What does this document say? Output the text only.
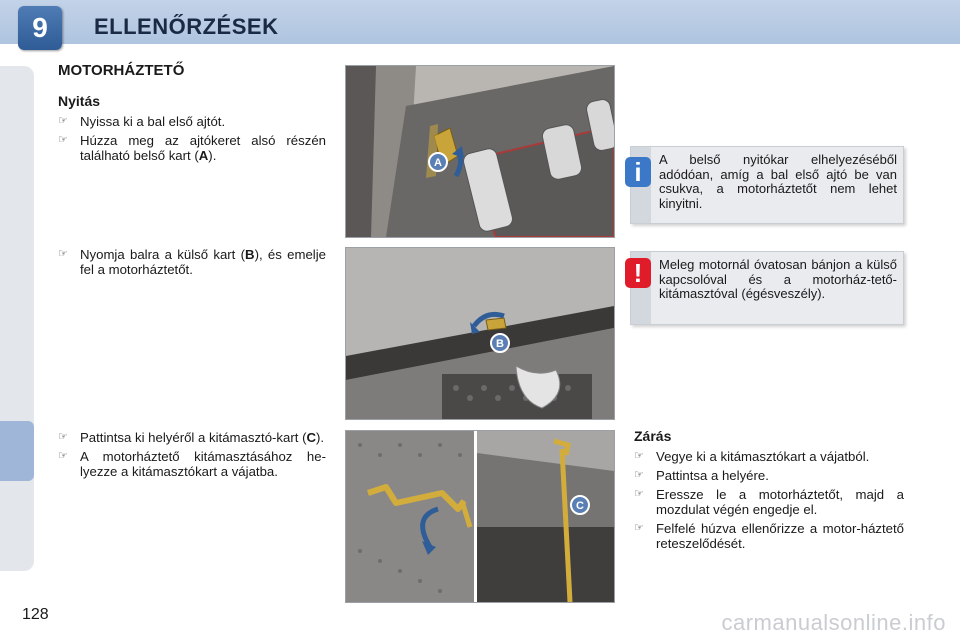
9	ELLENŐRZÉSEK
128
MOTORHÁZTETŐ
Nyitás
☞ Nyissa ki a bal első ajtót.
☞ Húzza meg az ajtókeret alsó részén található belső kart (A).
☞ Nyomja balra a külső kart (B), és emelje fel a motorháztetőt.
☞ Pattintsa ki helyéről a kitámasztó-kart (C).
☞ A motorháztető kitámasztásához he-lyezze a kitámasztókart a vájatba.
A
B
C
i	A belső nyitókar elhelyezéséből adódóan, amíg a bal első ajtó be van csukva, a motorháztetőt nem lehet kinyitni.
!	Meleg motornál óvatosan bánjon a külső kapcsolóval és a motorház-tető-kitámasztóval (égésveszély).
Zárás
☞ Vegye ki a kitámasztókart a vájatból.
☞ Pattintsa a helyére.
☞ Eressze le a motorháztetőt, majd a mozdulat végén engedje el.
☞ Felfelé húzva ellenőrizze a motor-háztető reteszelődését.
carmanualsonline.info
